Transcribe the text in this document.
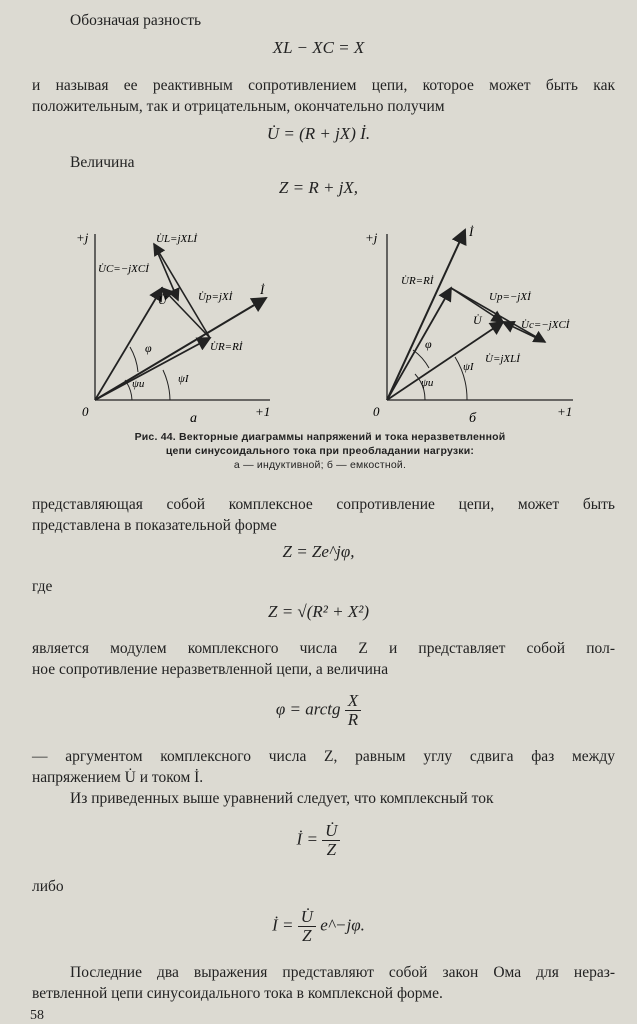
Обозначая разность
XL − XC = X
и называя ее реактивным сопротивлением цепи, которое может быть как
положительным, так и отрицательным, окончательно получим
U̇ = (R + jX) İ.
Величина
Z = R + jX,
+j
+1
0	а
U̇L=jXLİ
U̇C=−jXCİ
U̇	U̇p=jXİ
U̇R=Rİ
İ
φ
ψu	ψI
+j
+1
0	б
İ
U̇R=Rİ
Up=−jXİ
U̇c=−jXCİ
U̇
U̇=jXLİ
φ
ψI
ψu
Рис. 44. Векторные диаграммы напряжений и тока неразветвленной
цепи синусоидального тока при преобладании нагрузки:
а — индуктивной; б — емкостной.
представляющая собой комплексное сопротивление цепи, может быть
представлена в показательной форме
Z = Ze^jφ,
где
Z = √(R² + X²)
является модулем комплексного числа Z и представляет собой пол-
ное сопротивление неразветвленной цепи, а величина
φ = arctg $\frac{X}{R}$
— аргументом комплексного числа Z, равным углу сдвига фаз между
напряжением U̇ и током İ.
Из приведенных выше уравнений следует, что комплексный ток
İ = $\frac{U̇}{Z}$
либо
İ = $\frac{U̇}{Z}$ e^−jφ.
Последние два выражения представляют собой закон Ома для нераз-
ветвленной цепи синусоидального тока в комплексной форме.
58
